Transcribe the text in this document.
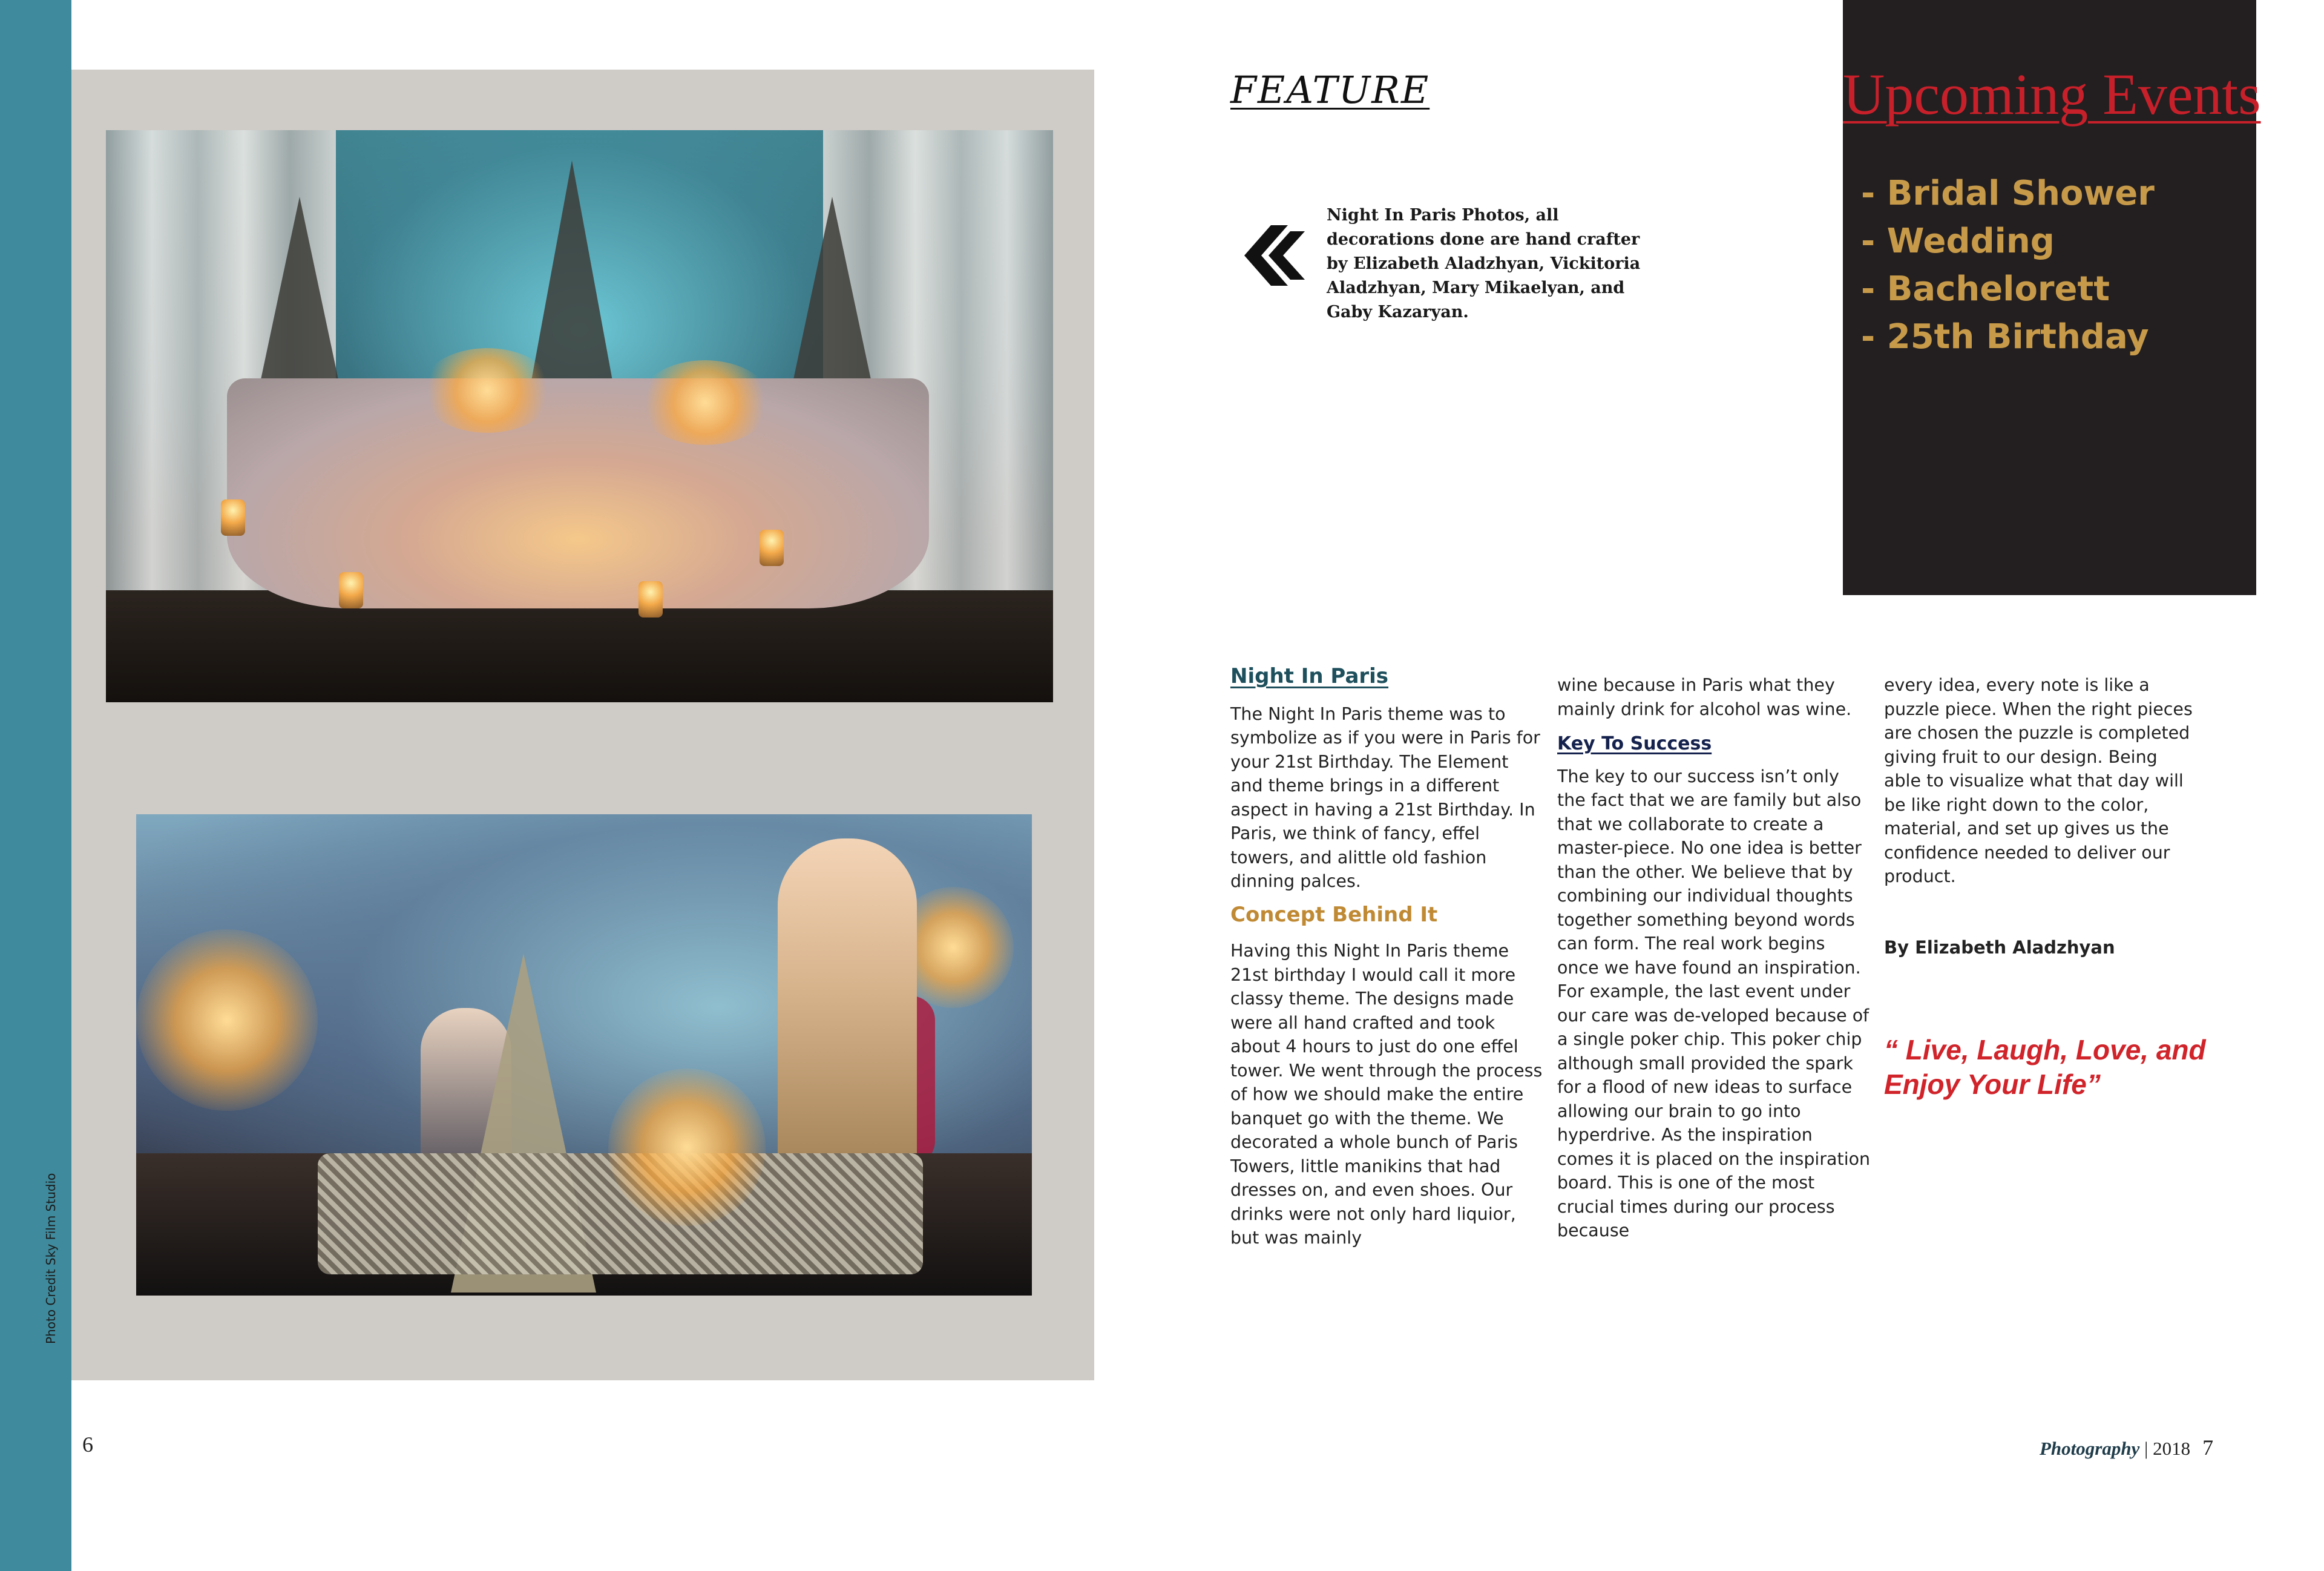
Photo Credit Sky Film Studio
6
FEATURE
Night In Paris Photos, all decorations done are hand crafter by Elizabeth Aladzhyan, Vickitoria Aladzhyan, Mary Mikaelyan, and Gaby Kazaryan.
Upcoming Events
- Bridal Shower
- Wedding
- Bachelorett
- 25th Birthday
Night In Paris

The Night In Paris theme was to symbolize as if you were in Paris for your 21st Birthday. The Element and theme brings in a different aspect in having a 21st Birthday. In Paris, we think of fancy, effel towers, and alittle old fashion dinning palces.

Concept Behind It

Having this Night In Paris theme 21st birthday I would call it more classy theme. The designs made were all hand crafted and took about 4 hours to just do one effel tower. We went through the process of how we should make the entire banquet go with the theme. We decorated a whole bunch of Paris Towers, little manikins that had dresses on, and even shoes. Our drinks were not only hard liquior, but was mainly

wine because in Paris what they mainly drink for alcohol was wine.

Key To Success

The key to our success isn’t only the fact that we are family but also that we collaborate to create a master-piece. No one idea is better than the other. We believe that by combining our individual thoughts together something beyond words can form. The real work begins once we have found an inspiration. For example, the last event under our care was de-veloped because of a single poker chip. This poker chip although small provided the spark for a flood of new ideas to surface allowing our brain to go into hyperdrive. As the inspiration comes it is placed on the inspiration board. This is one of the most crucial times during our process because

every idea, every note is like a puzzle piece. When the right pieces are chosen the puzzle is completed giving fruit to our design. Being able to visualize what that day will be like right down to the color, material, and set up gives us the confidence needed to deliver our product.

By Elizabeth Aladzhyan
“ Live, Laugh, Love, and Enjoy Your Life”
Photography | 2018 7
